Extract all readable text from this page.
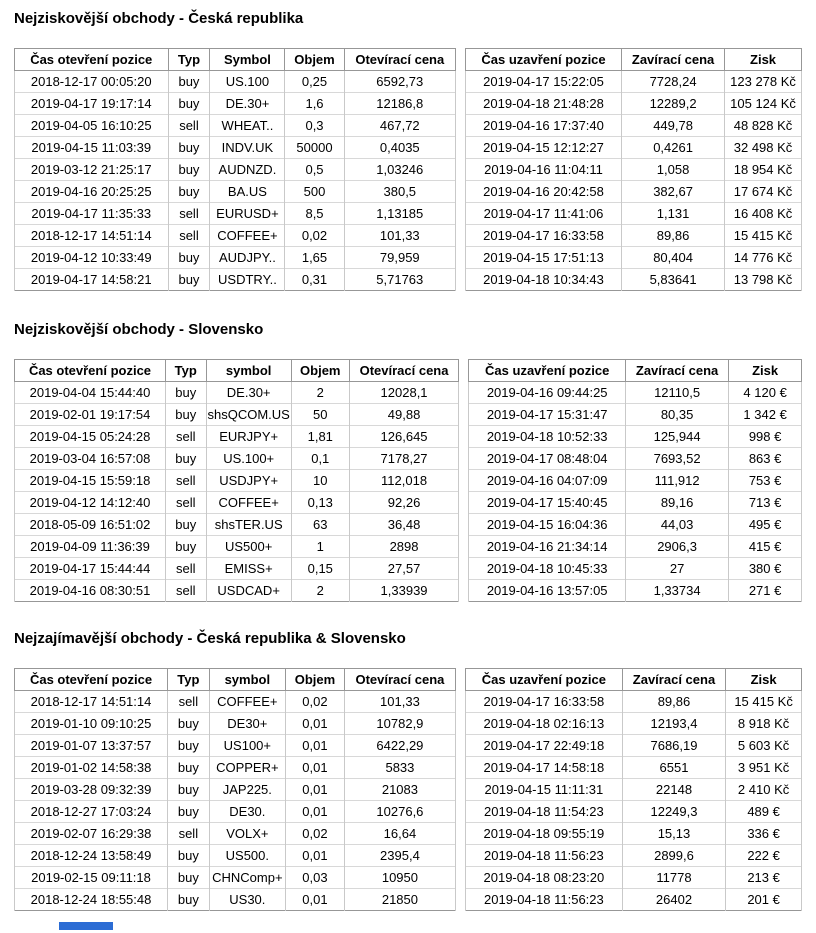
Nejziskovější obchody - Česká republika
Čas otevření pozice	Typ	Symbol	Objem	Otevírací cena
2018-12-17 00:05:20	buy	US.100	0,25	6592,73
2019-04-17 19:17:14	buy	DE.30+	1,6	12186,8
2019-04-05 16:10:25	sell	WHEAT..	0,3	467,72
2019-04-15 11:03:39	buy	INDV.UK	50000	0,4035
2019-03-12 21:25:17	buy	AUDNZD.	0,5	1,03246
2019-04-16 20:25:25	buy	BA.US	500	380,5
2019-04-17 11:35:33	sell	EURUSD+	8,5	1,13185
2018-12-17 14:51:14	sell	COFFEE+	0,02	101,33
2019-04-12 10:33:49	buy	AUDJPY..	1,65	79,959
2019-04-17 14:58:21	buy	USDTRY..	0,31	5,71763
Čas uzavření pozice	Zavírací cena	Zisk
2019-04-17 15:22:05	7728,24	123 278 Kč
2019-04-18 21:48:28	12289,2	105 124 Kč
2019-04-16 17:37:40	449,78	48 828 Kč
2019-04-15 12:12:27	0,4261	32 498 Kč
2019-04-16 11:04:11	1,058	18 954 Kč
2019-04-16 20:42:58	382,67	17 674 Kč
2019-04-17 11:41:06	1,131	16 408 Kč
2019-04-17 16:33:58	89,86	15 415 Kč
2019-04-15 17:51:13	80,404	14 776 Kč
2019-04-18 10:34:43	5,83641	13 798 Kč
Nejziskovější obchody - Slovensko
Čas otevření pozice	Typ	symbol	Objem	Otevírací cena
2019-04-04 15:44:40	buy	DE.30+	2	12028,1
2019-02-01 19:17:54	buy	shsQCOM.US	50	49,88
2019-04-15 05:24:28	sell	EURJPY+	1,81	126,645
2019-03-04 16:57:08	buy	US.100+	0,1	7178,27
2019-04-15 15:59:18	sell	USDJPY+	10	112,018
2019-04-12 14:12:40	sell	COFFEE+	0,13	92,26
2018-05-09 16:51:02	buy	shsTER.US	63	36,48
2019-04-09 11:36:39	buy	US500+	1	2898
2019-04-17 15:44:44	sell	EMISS+	0,15	27,57
2019-04-16 08:30:51	sell	USDCAD+	2	1,33939
Čas uzavření pozice	Zavírací cena	Zisk
2019-04-16 09:44:25	12110,5	4 120 €
2019-04-17 15:31:47	80,35	1 342 €
2019-04-18 10:52:33	125,944	998 €
2019-04-17 08:48:04	7693,52	863 €
2019-04-16 04:07:09	111,912	753 €
2019-04-17 15:40:45	89,16	713 €
2019-04-15 16:04:36	44,03	495 €
2019-04-16 21:34:14	2906,3	415 €
2019-04-18 10:45:33	27	380 €
2019-04-16 13:57:05	1,33734	271 €
Nejzajímavější obchody - Česká republika & Slovensko
Čas otevření pozice	Typ	symbol	Objem	Otevírací cena
2018-12-17 14:51:14	sell	COFFEE+	0,02	101,33
2019-01-10 09:10:25	buy	DE30+	0,01	10782,9
2019-01-07 13:37:57	buy	US100+	0,01	6422,29
2019-01-02 14:58:38	buy	COPPER+	0,01	5833
2019-03-28 09:32:39	buy	JAP225.	0,01	21083
2018-12-27 17:03:24	buy	DE30.	0,01	10276,6
2019-02-07 16:29:38	sell	VOLX+	0,02	16,64
2018-12-24 13:58:49	buy	US500.	0,01	2395,4
2019-02-15 09:11:18	buy	CHNComp+	0,03	10950
2018-12-24 18:55:48	buy	US30.	0,01	21850
Čas uzavření pozice	Zavírací cena	Zisk
2019-04-17 16:33:58	89,86	15 415 Kč
2019-04-18 02:16:13	12193,4	8 918 Kč
2019-04-17 22:49:18	7686,19	5 603 Kč
2019-04-17 14:58:18	6551	3 951 Kč
2019-04-15 11:11:31	22148	2 410 Kč
2019-04-18 11:54:23	12249,3	489 €
2019-04-18 09:55:19	15,13	336 €
2019-04-18 11:56:23	2899,6	222 €
2019-04-18 08:23:20	11778	213 €
2019-04-18 11:56:23	26402	201 €
